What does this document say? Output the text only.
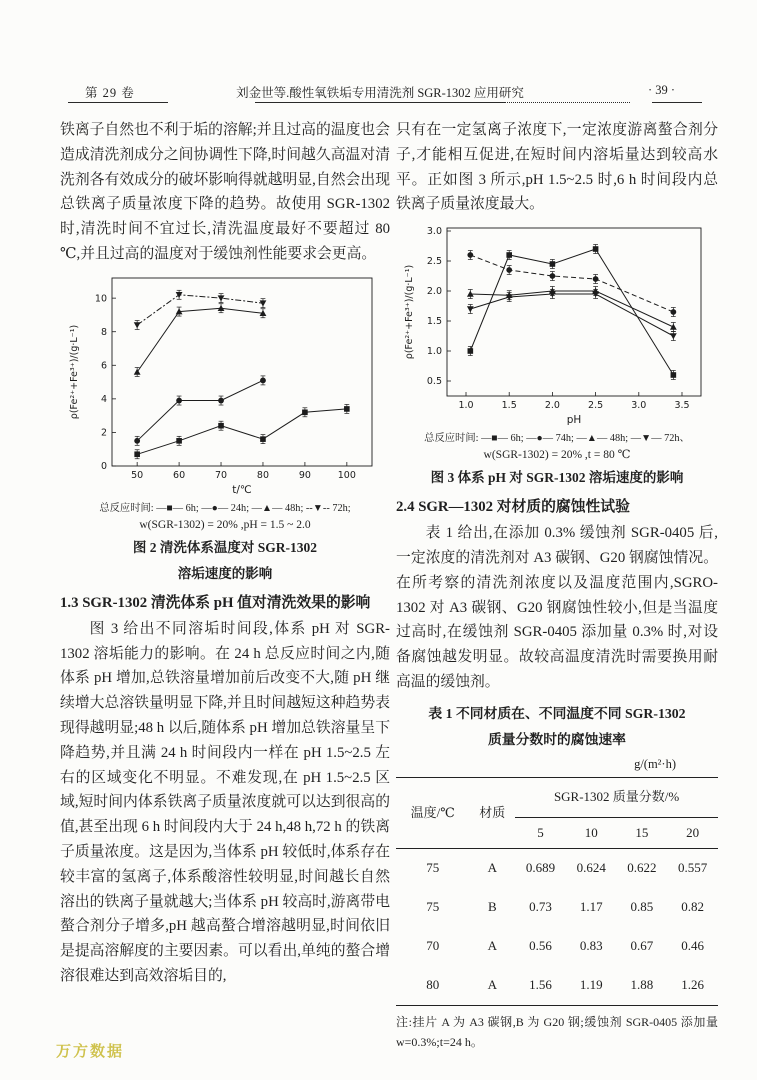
第 29 卷	刘金世等.酸性氧铁垢专用清洗剂 SGR-1302 应用研究	· 39 ·

铁离子自然也不利于垢的溶解;并且过高的温度也会造成清洗剂成分之间协调性下降,时间越久高温对清洗剂各有效成分的破坏影响得就越明显,自然会出现总铁离子质量浓度下降的趋势。故使用 SGR-1302 时,清洗时间不宜过长,清洗温度最好不要超过 80 ℃,并且过高的温度对于缓蚀剂性能要求会更高。

50	60	70	80	90	100
0
2
4
6
8
10
t/℃
ρ(Fe²⁺+Fe³⁺)/(g·L⁻¹)
总反应时间: —■— 6h; —●— 24h; —▲— 48h; --▼-- 72h;
w(SGR-1302) = 20% ,pH = 1.5 ~ 2.0
图 2 清洗体系温度对 SGR-1302
溶垢速度的影响
1.3 SGR-1302 清洗体系 pH 值对清洗效果的影响

图 3 给出不同溶垢时间段,体系 pH 对 SGR-1302 溶垢能力的影响。在 24 h 总反应时间之内,随体系 pH 增加,总铁溶量增加前后改变不大,随 pH 继续增大总溶铁量明显下降,并且时间越短这种趋势表现得越明显;48 h 以后,随体系 pH 增加总铁溶量呈下降趋势,并且满 24 h 时间段内一样在 pH 1.5~2.5 左右的区域变化不明显。不难发现,在 pH 1.5~2.5 区域,短时间内体系铁离子质量浓度就可以达到很高的值,甚至出现 6 h 时间段内大于 24 h,48 h,72 h 的铁离子质量浓度。这是因为,当体系 pH 较低时,体系存在较丰富的氢离子,体系酸溶性较明显,时间越长自然溶出的铁离子量就越大;当体系 pH 较高时,游离带电螯合剂分子增多,pH 越高螯合增溶越明显,时间依旧是提高溶解度的主要因素。可以看出,单纯的螯合增溶很难达到高效溶垢目的,

只有在一定氢离子浓度下,一定浓度游离螯合剂分子,才能相互促进,在短时间内溶垢量达到较高水平。正如图 3 所示,pH 1.5~2.5 时,6 h 时间段内总铁离子质量浓度最大。

1.0	1.5	2.0	2.5	3.0	3.5
0.5
1.0
1.5
2.0
2.5
3.0
pH
ρ(Fe²⁺+Fe³⁺)/(g·L⁻¹)
总反应时间: —■— 6h; —●— 74h; —▲— 48h; —▼— 72h、
w(SGR-1302) = 20% ,t = 80 ℃
图 3 体系 pH 对 SGR-1302 溶垢速度的影响
2.4 SGR—1302 对材质的腐蚀性试验

表 1 给出,在添加 0.3% 缓蚀剂 SGR-0405 后,一定浓度的清洗剂对 A3 碳钢、G20 钢腐蚀情况。在所考察的清洗剂浓度以及温度范围内,SGRO-1302 对 A3 碳钢、G20 钢腐蚀性较小,但是当温度过高时,在缓蚀剂 SGR-0405 添加量 0.3% 时,对设备腐蚀越发明显。故较高温度清洗时需要换用耐高温的缓蚀剂。

表 1 不同材质在、不同温度不同 SGR-1302
质量分数时的腐蚀速率
g/(m²·h)
温度/℃	材质	SGR-1302 质量分数/%			
		5	10	15	20
75	A	0.689	0.624	0.622	0.557
75	B	0.73	1.17	0.85	0.82
70	A	0.56	0.83	0.67	0.46
80	A	1.56	1.19	1.88	1.26
注:挂片 A 为 A3 碳钢,B 为 G20 钢;缓蚀剂 SGR-0405 添加量 w=0.3%;t=24 h。
万方数据
